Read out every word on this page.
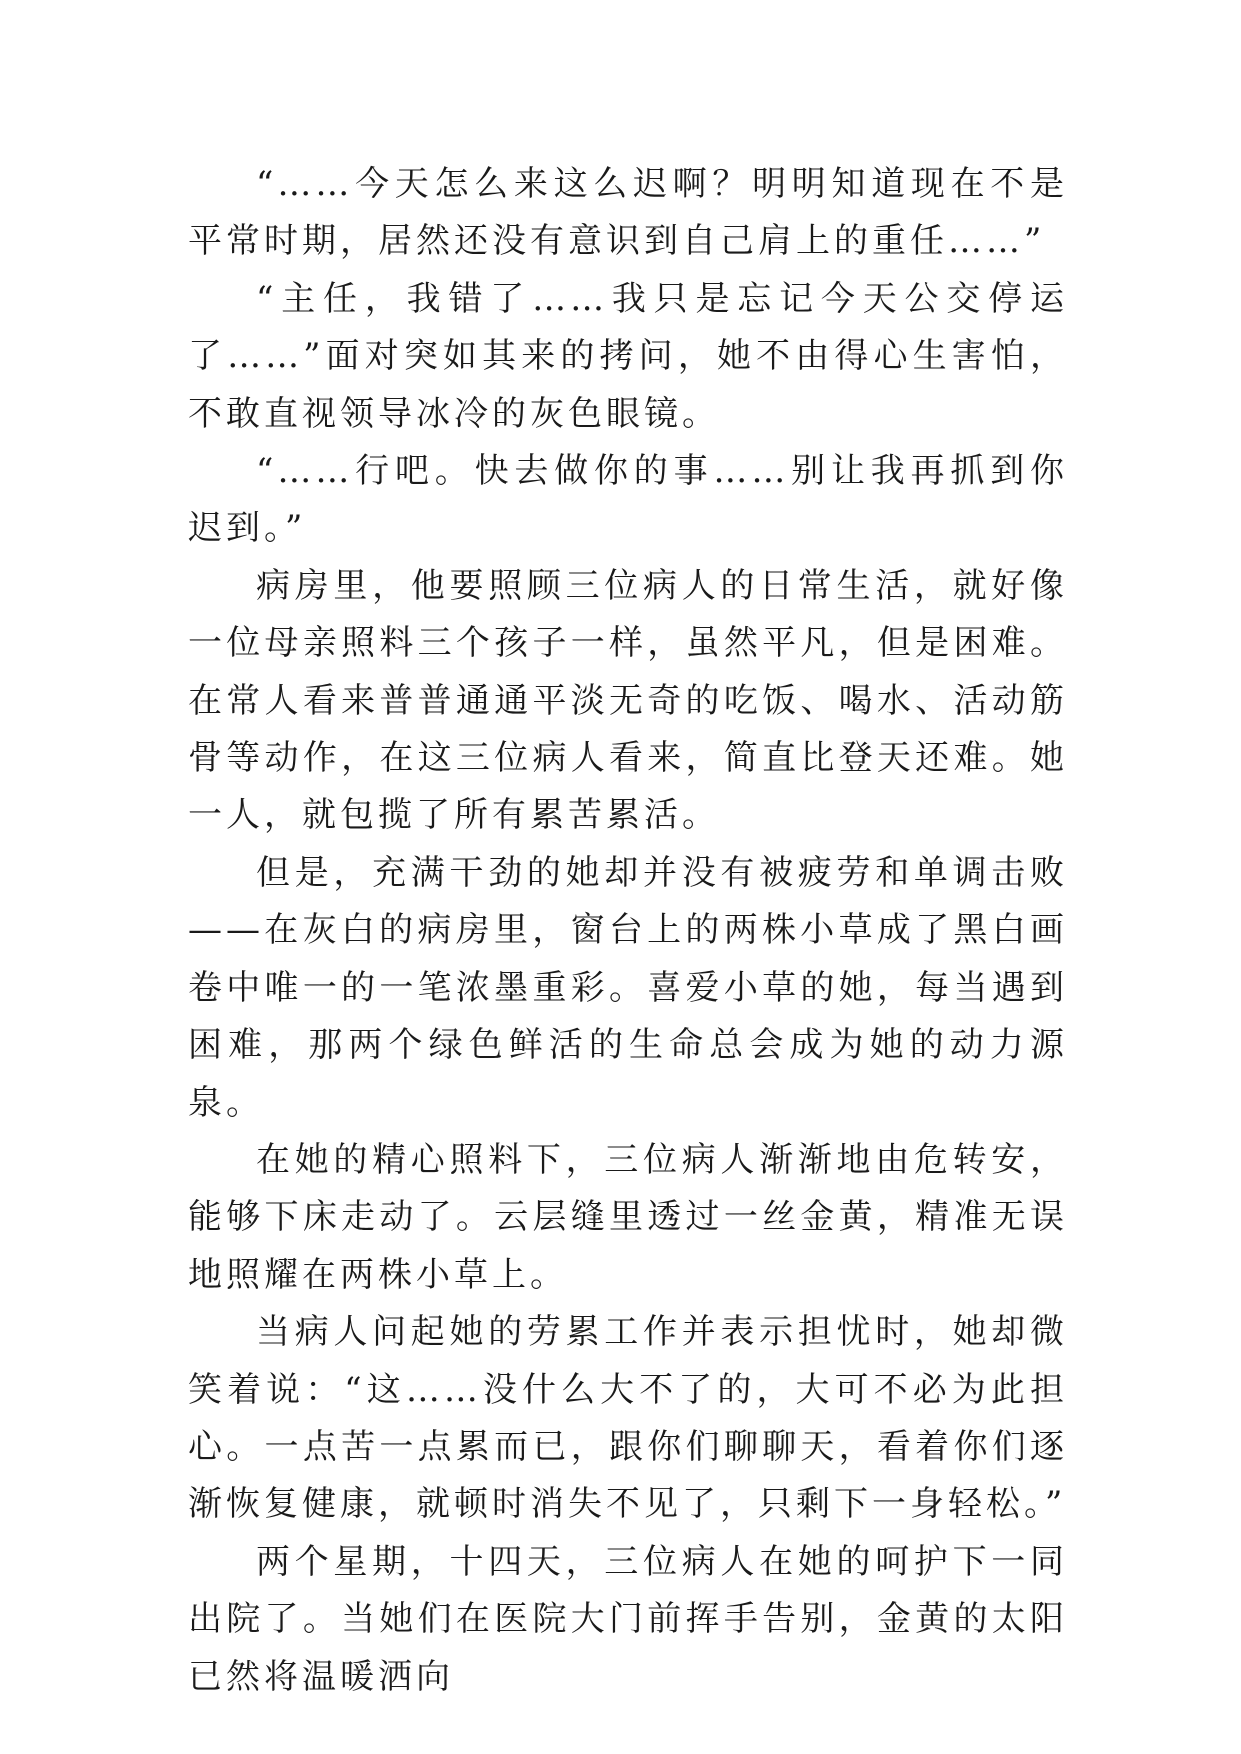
“……今天怎么来这么迟啊？明明知道现在不是平常时期，居然还没有意识到自己肩上的重任……”

“主任，我错了……我只是忘记今天公交停运了……”面对突如其来的拷问，她不由得心生害怕，不敢直视领导冰冷的灰色眼镜。

“……行吧。快去做你的事……别让我再抓到你迟到。”

病房里，他要照顾三位病人的日常生活，就好像一位母亲照料三个孩子一样，虽然平凡，但是困难。在常人看来普普通通平淡无奇的吃饭、喝水、活动筋骨等动作，在这三位病人看来，简直比登天还难。她一人，就包揽了所有累苦累活。

但是，充满干劲的她却并没有被疲劳和单调击败——在灰白的病房里，窗台上的两株小草成了黑白画卷中唯一的一笔浓墨重彩。喜爱小草的她，每当遇到困难，那两个绿色鲜活的生命总会成为她的动力源泉。

在她的精心照料下，三位病人渐渐地由危转安，能够下床走动了。云层缝里透过一丝金黄，精准无误地照耀在两株小草上。

当病人问起她的劳累工作并表示担忧时，她却微笑着说：“这……没什么大不了的，大可不必为此担心。一点苦一点累而已，跟你们聊聊天，看着你们逐渐恢复健康，就顿时消失不见了，只剩下一身轻松。”

两个星期，十四天，三位病人在她的呵护下一同出院了。当她们在医院大门前挥手告别，金黄的太阳已然将温暖洒向
